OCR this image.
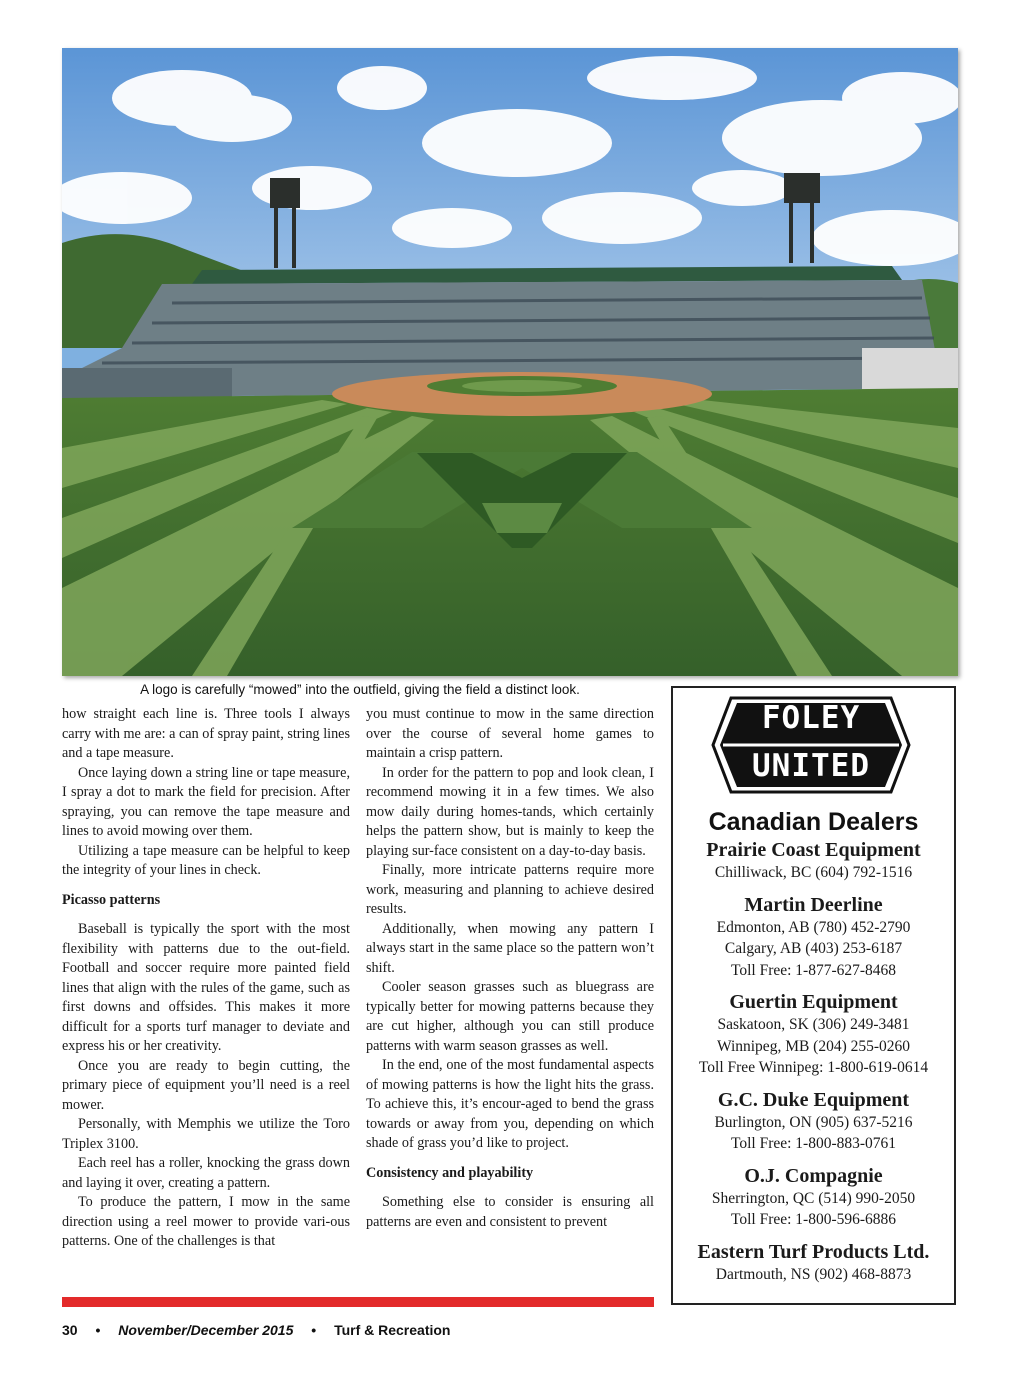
A logo is carefully “mowed” into the outfield, giving the field a distinct look.

how straight each line is. Three tools I always carry with me are: a can of spray paint, string lines and a tape measure.

Once laying down a string line or tape measure, I spray a dot to mark the field for precision. After spraying, you can remove the tape measure and lines to avoid mowing over them.

Utilizing a tape measure can be helpful to keep the integrity of your lines in check.

Picasso patterns

Baseball is typically the sport with the most flexibility with patterns due to the out-field. Football and soccer require more painted field lines that align with the rules of the game, such as first downs and offsides. This makes it more difficult for a sports turf manager to deviate and express his or her creativity.

Once you are ready to begin cutting, the primary piece of equipment you’ll need is a reel mower.

Personally, with Memphis we utilize the Toro Triplex 3100.

Each reel has a roller, knocking the grass down and laying it over, creating a pattern.

To produce the pattern, I mow in the same direction using a reel mower to provide vari-ous patterns. One of the challenges is that

you must continue to mow in the same direction over the course of several home games to maintain a crisp pattern.

In order for the pattern to pop and look clean, I recommend mowing it in a few times. We also mow daily during homes-tands, which certainly helps the pattern show, but is mainly to keep the playing sur-face consistent on a day-to-day basis.

Finally, more intricate patterns require more work, measuring and planning to achieve desired results.

Additionally, when mowing any pattern I always start in the same place so the pattern won’t shift.

Cooler season grasses such as bluegrass are typically better for mowing patterns because they are cut higher, although you can still produce patterns with warm season grasses as well.

In the end, one of the most fundamental aspects of mowing patterns is how the light hits the grass. To achieve this, it’s encour-aged to bend the grass towards or away from you, depending on which shade of grass you’d like to project.

Consistency and playability

Something else to consider is ensuring all patterns are even and consistent to prevent

FOLEY
UNITED
Canadian Dealers
Prairie Coast Equipment
Chilliwack, BC (604) 792-1516
Martin Deerline
Edmonton, AB (780) 452-2790
Calgary, AB (403) 253-6187
Toll Free: 1-877-627-8468
Guertin Equipment
Saskatoon, SK (306) 249-3481
Winnipeg, MB (204) 255-0260
Toll Free Winnipeg: 1-800-619-0614
G.C. Duke Equipment
Burlington, ON (905) 637-5216
Toll Free: 1-800-883-0761
O.J. Compagnie
Sherrington, QC (514) 990-2050
Toll Free: 1-800-596-6886
Eastern Turf Products Ltd.
Dartmouth, NS (902) 468-8873
30 • November/December 2015 • Turf & Recreation
